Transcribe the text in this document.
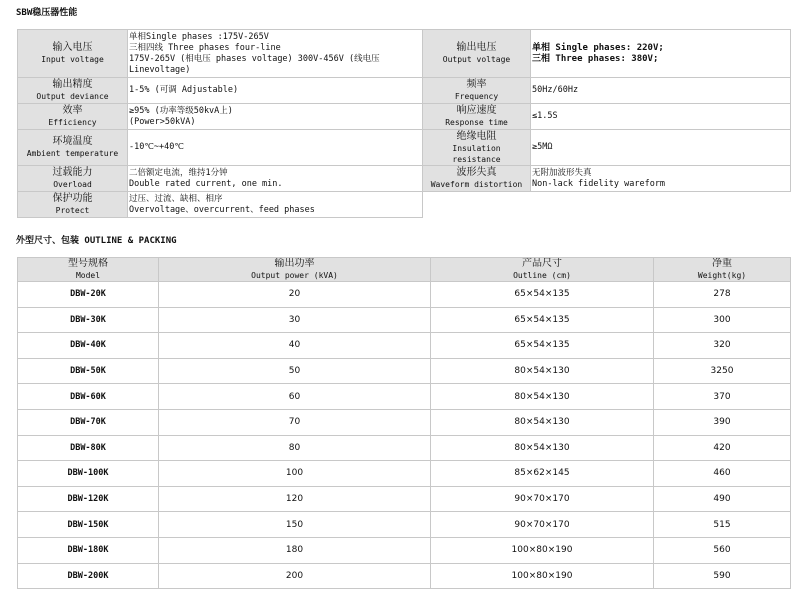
SBW稳压器性能
输入电压
Input voltage	单相Single phases :175V-265V
三相四线 Three phases four-line
175V-265V (相电压 phases voltage) 300V-456V (线电压
Linevoltage)	输出电压
Output voltage	单相 Single phases: 220V;
三相 Three phases: 380V;

输出精度
Output deviance	1-5% (可调 Adjustable)	频率
Frequency	50Hz/60Hz

效率
Efficiency	≥95% (功率等级50kvA上)
(Power>50kVA)	响应速度
Response time	≤1.5S

环境温度
Ambient temperature	-10℃~+40℃	绝缘电阻
Insulation
resistance	≥5MΩ

过载能力
Overload	二倍额定电流，维持1分钟
Double rated current, one min.	波形失真
Waveform distortion	无附加波形失真
Non-lack fidelity wareform

保护功能
Protect	过压、过流、缺相、相序
Overvoltage、overcurrent、feed phases		

外型尺寸、包装 OUTLINE & PACKING
型号规格
Model	输出功率
Output power (kVA)	产品尺寸
Outline (cm)	净重
Weight(kg)

DBW-20K	20	65×54×135	278
DBW-30K	30	65×54×135	300
DBW-40K	40	65×54×135	320
DBW-50K	50	80×54×130	3250
DBW-60K	60	80×54×130	370
DBW-70K	70	80×54×130	390
DBW-80K	80	80×54×130	420
DBW-100K	100	85×62×145	460
DBW-120K	120	90×70×170	490
DBW-150K	150	90×70×170	515
DBW-180K	180	100×80×190	560
DBW-200K	200	100×80×190	590
